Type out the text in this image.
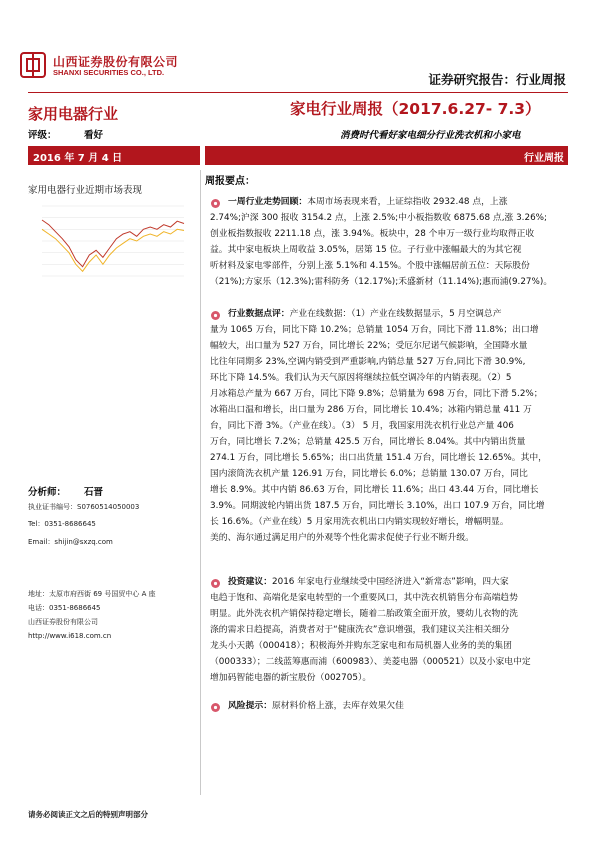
山西证券股份有限公司
SHANXI SECURITIES CO., LTD.	证券研究报告：行业周报
家用电器行业	家电行业周报（2017.6.27- 7.3）
评级：	看好	消费时代看好家电细分行业洗衣机和小家电
2016 年 7 月 4 日	行业周报
家用电器行业近期市场表现
分析师： 石晋
执业证书编号：S0760514050003
Tel：0351-8686645
Email：shijin@sxzq.com
地址：太原市府西街 69 号国贸中心 A 座
电话：0351-8686645
山西证券股份有限公司
http://www.i618.com.cn
周报要点：
一周行业走势回顾：本周市场表现来看，上证综指收 2932.48 点，上涨
2.74%;沪深 300 报收 3154.2 点，上涨 2.5%;中小板指数收 6875.68 点,涨 3.26%;
创业板指数报收 2211.18 点，涨 3.94%。板块中，28 个申万一级行业均取得正收
益。其中家电板块上周收益 3.05%，居第 15 位。子行业中涨幅最大的为其它视
听材料及家电零部件，分别上涨 5.1%和 4.15%。个股中涨幅居前五位：天际股份
（21%);方家乐（12.3%);雷科防务（12.17%);禾盛新材（11.14%);惠而浦(9.27%)。
行业数据点评：产业在线数据：（1）产业在线数据显示，5 月空调总产
量为 1065 万台，同比下降 10.2%；总销量 1054 万台，同比下滑 11.8%；出口增
幅较大，出口量为 527 万台，同比增长 22%；受厄尔尼诺气候影响，全国降水量
比往年同期多 23%,空调内销受到严重影响,内销总量 527 万台,同比下滑 30.9%,
环比下降 14.5%。我们认为天气原因将继续拉低空调冷年的内销表现。（2）5
月冰箱总产量为 667 万台，同比下降 9.8%；总销量为 698 万台，同比下滑 5.2%；
冰箱出口温和增长，出口量为 286 万台，同比增长 10.4%；冰箱内销总量 411 万
台，同比下滑 3%。（产业在线）。（3） 5 月，我国家用洗衣机行业总产量 406
万台，同比增长 7.2%；总销量 425.5 万台，同比增长 8.04%。其中内销出货量
274.1 万台，同比增长 5.65%；出口出货量 151.4 万台，同比增长 12.65%。其中，
国内滚筒洗衣机产量 126.91 万台，同比增长 6.0%；总销量 130.07 万台，同比
增长 8.9%。其中内销 86.63 万台，同比增长 11.6%；出口 43.44 万台，同比增长
3.9%。同期波轮内销出货 187.5 万台，同比增长 3.10%，出口 107.9 万台，同比增
长 16.6%。（产业在线）5 月家用洗衣机出口内销实现较好增长，增幅明显。
美的、海尔通过满足用户的外观等个性化需求促使子行业不断升级。
投资建议：2016 年家电行业继续受中国经济进入“新常态”影响，四大家
电趋于饱和、高端化是家电转型的一个重要风口，其中洗衣机销售分布高端趋势
明显。此外洗衣机产销保持稳定增长，随着二胎政策全面开放，婴幼儿衣物的洗
涤的需求日趋提高，消费者对于“健康洗衣”意识增强，我们建议关注相关细分
龙头小天鹅（000418）；积极海外并购东芝家电和布局机器人业务的美的集团
（000333）；二线蓝筹惠而浦（600983）、美菱电器（000521）以及小家电中定
增加码智能电器的新宝股份（002705）。
风险提示：原材料价格上涨，去库存效果欠佳
请务必阅读正文之后的特别声明部分
